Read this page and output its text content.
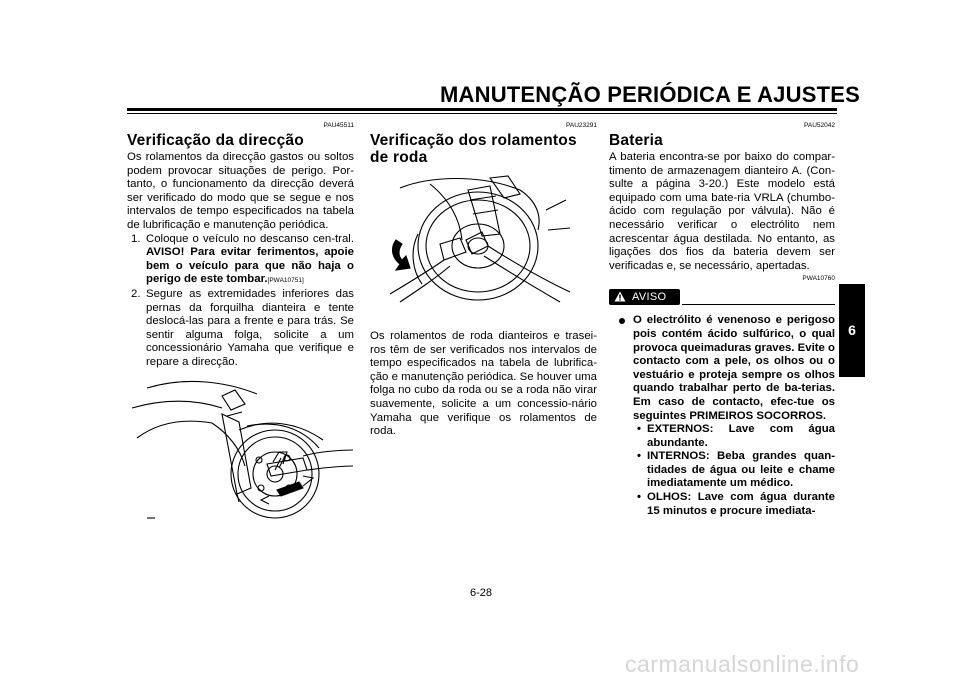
MANUTENÇÃO PERIÓDICA E AJUSTES
PAU45511
Verificação da direcção

Os rolamentos da direcção gastos ou soltos podem provocar situações de perigo. Por-tanto, o funcionamento da direcção deverá ser verificado do modo que se segue e nos intervalos de tempo especificados na tabela de lubrificação e manutenção periódica.

1. Coloque o veículo no descanso cen-tral. AVISO! Para evitar ferimentos, apoie bem o veículo para que não haja o perigo de este tombar.[PWA10751]
2. Segure as extremidades inferiores das pernas da forquilha dianteira e tente deslocá-las para a frente e para trás. Se sentir alguma folga, solicite a um concessionário Yamaha que verifique e repare a direcção.
PAU23291
Verificação dos rolamentos de roda

Os rolamentos de roda dianteiros e trasei-ros têm de ser verificados nos intervalos de tempo especificados na tabela de lubrifica-ção e manutenção periódica. Se houver uma folga no cubo da roda ou se a roda não virar suavemente, solicite a um concessio-nário Yamaha que verifique os rolamentos de roda.

PAU52042
Bateria

A bateria encontra-se por baixo do compar-timento de armazenagem dianteiro A. (Con-sulte a página 3-20.) Este modelo está equipado com uma bate-ria VRLA (chumbo-ácido com regulação por válvula). Não é necessário verificar o electrólito nem acrescentar água destilada. No entanto, as ligações dos fios da bateria devem ser verificadas e, se necessário, apertadas.

PWA10760
AVISO
O electrólito é venenoso e perigoso pois contém ácido sulfúrico, o qual provoca queimaduras graves. Evite o contacto com a pele, os olhos ou o vestuário e proteja sempre os olhos quando trabalhar perto de ba-terias. Em caso de contacto, efec-tue os seguintes PRIMEIROS SOCORROS.
• EXTERNOS: Lave com água abundante.
• INTERNOS: Beba grandes quan-tidades de água ou leite e chame imediatamente um médico.
• OLHOS: Lave com água durante 15 minutos e procure imediata-
6
6-28
carmanualsonline.info
